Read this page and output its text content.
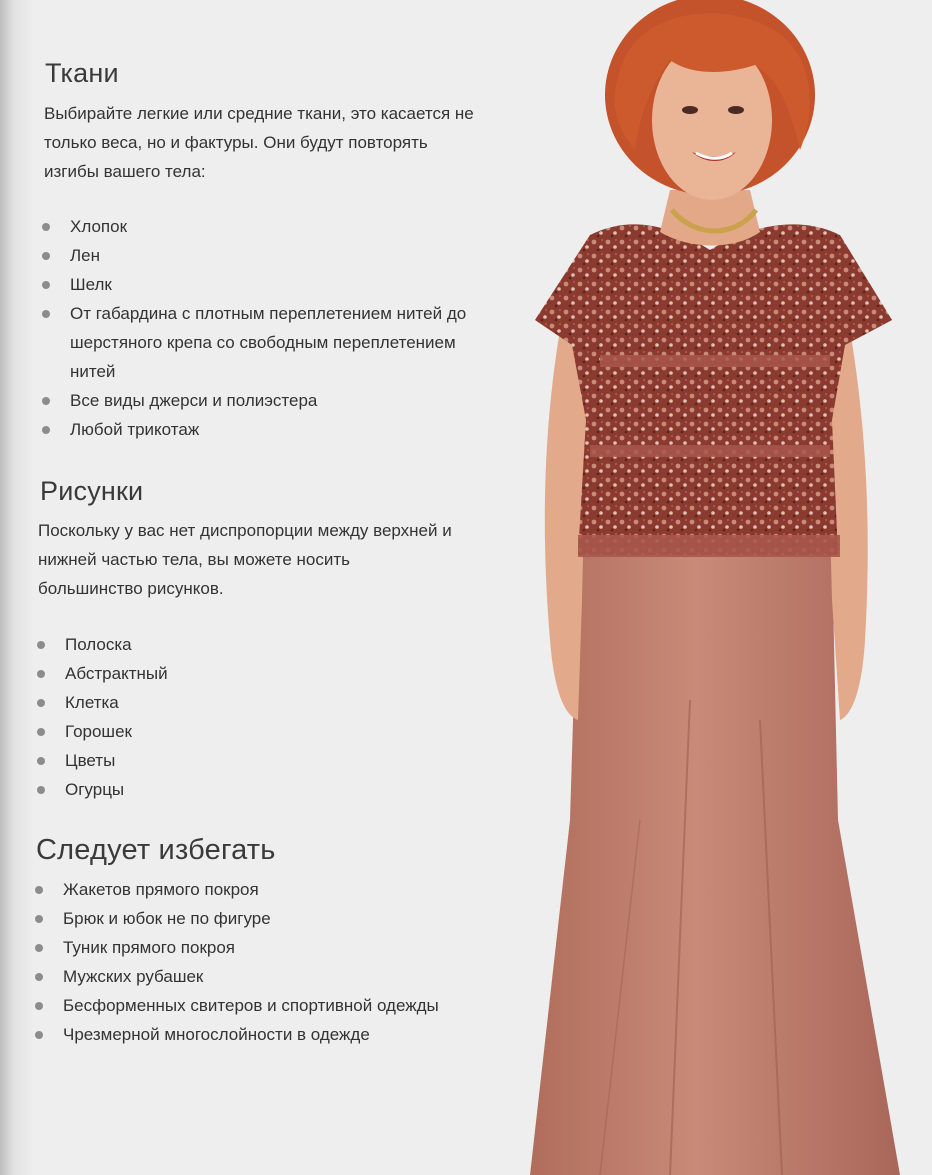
Ткани

Выбирайте легкие или средние ткани, это касается не только веса, но и фактуры. Они будут повторять изгибы вашего тела:

Хлопок
Лен
Шелк
От габардина с плотным переплетением нитей до шерстяного крепа со свободным переплетением нитей
Все виды джерси и полиэстера
Любой трикотаж
Рисунки

Поскольку у вас нет диспропорции между верхней и нижней частью тела, вы можете носить большинство рисунков.

Полоска
Абстрактный
Клетка
Горошек
Цветы
Огурцы
Следует избегать
Жакетов прямого покроя
Брюк и юбок не по фигуре
Туник прямого покроя
Мужских рубашек
Бесформенных свитеров и спортивной одежды
Чрезмерной многослойности в одежде
